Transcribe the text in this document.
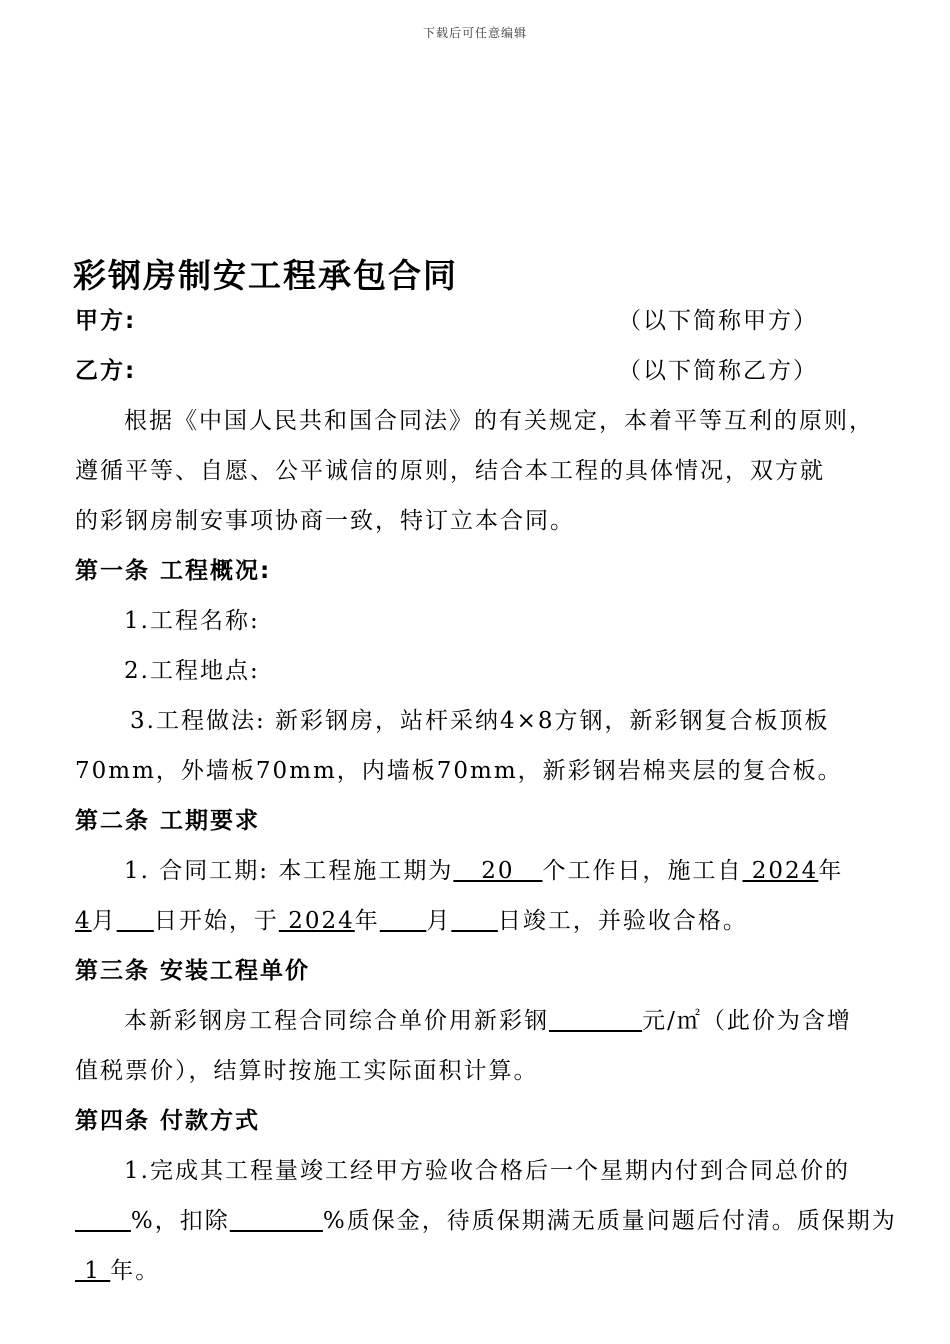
下载后可任意编辑
彩钢房制安工程承包合同
甲方:	（以下简称甲方）
乙方:	（以下简称乙方）
根据《中国人民共和国合同法》的有关规定，本着平等互利的原则，
遵循平等、自愿、公平诚信的原则，结合本工程的具体情况，双方就
的彩钢房制安事项协商一致，特订立本合同。
第一条 工程概况:
1.工程名称:
2.工程地点:
3.工程做法: 新彩钢房，站杆采纳4×8方钢，新彩钢复合板顶板
70mm，外墙板70mm，内墙板70mm，新彩钢岩棉夹层的复合板。
第二条 工期要求
1. 合同工期: 本工程施工期为   20   个工作日，施工自 2024年
4月 日开始，于 2024年 月 日竣工，并验收合格。
第三条 安装工程单价
本新彩钢房工程合同综合单价用新彩钢	元/㎡（此价为含增
值税票价），结算时按施工实际面积计算。
第四条 付款方式
1.完成其工程量竣工经甲方验收合格后一个星期内付到合同总价的
%，扣除	%质保金，待质保期满无质量问题后付清。质保期为
1 年。
